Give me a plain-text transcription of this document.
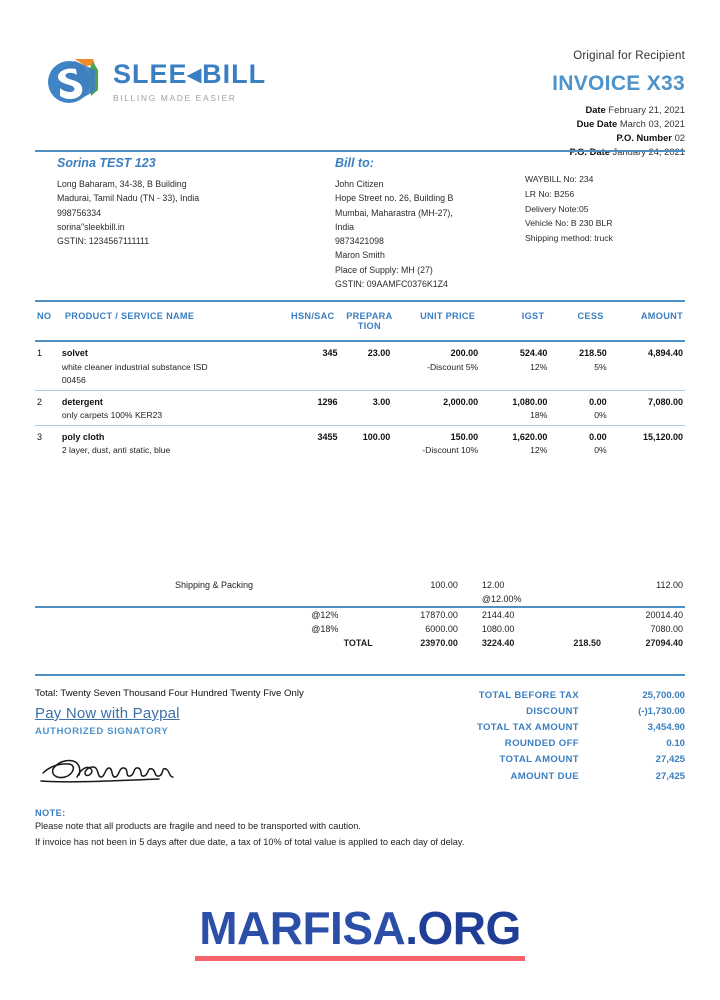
SLEE◂BILL
BILLING MADE EASIER
Original for Recipient
INVOICE X33
Date February 21, 2021
Due Date March 03, 2021
P.O. Number 02
Sorina TEST 123
Long Baharam, 34-38, B Building
Madurai, Tamil Nadu (TN - 33), India
998756334
sorina"sleekbill.in
GSTIN: 1234567111111
Bill to:
John Citizen
Hope Street no. 26, Building B
Mumbai, Maharastra (MH-27),
India
9873421098
Maron Smith
Place of Supply: MH (27)
GSTIN: 09AAMFC0376K1Z4
WAYBILL No: 234
LR No: B256
Delivery Note:05
Vehicle No: B 230 BLR
Shipping method: truck
NO	PRODUCT / SERVICE NAME	HSN/SAC	PREPARA
TION	UNIT PRICE	IGST	CESS	AMOUNT
1	solvet	345	23.00	200.00	524.40	218.50	4,894.40
	white cleaner industrial substance ISD			-Discount 5%	12%	5%	
	00456						
2	detergent	1296	3.00	2,000.00	1,080.00	0.00	7,080.00
	only carpets 100% KER23				18%	0%	
3	poly cloth	3455	100.00	150.00	1,620.00	0.00	15,120.00
	2 layer, dust, anti static, blue			-Discount 10%	12%	0%	
Shipping & Packing		100.00	12.00		112.00
			@12.00%		
	@12%	17870.00	2144.40		20014.40
	@18%	6000.00	1080.00		7080.00
	TOTAL	23970.00	3224.40	218.50	27094.40
Total: Twenty Seven Thousand Four Hundred Twenty Five Only
Pay Now with Paypal
AUTHORIZED SIGNATORY
TOTAL BEFORE TAX	25,700.00
DISCOUNT	(-)1,730.00
TOTAL TAX AMOUNT	3,454.90
ROUNDED OFF	0.10
TOTAL AMOUNT	27,425
AMOUNT DUE	27,425
NOTE:
Please note that all products are fragile and need to be transported with caution.
If invoice has not been in 5 days after due date, a tax of 10% of total value is applied to each day of delay.
MARFISA.ORG
